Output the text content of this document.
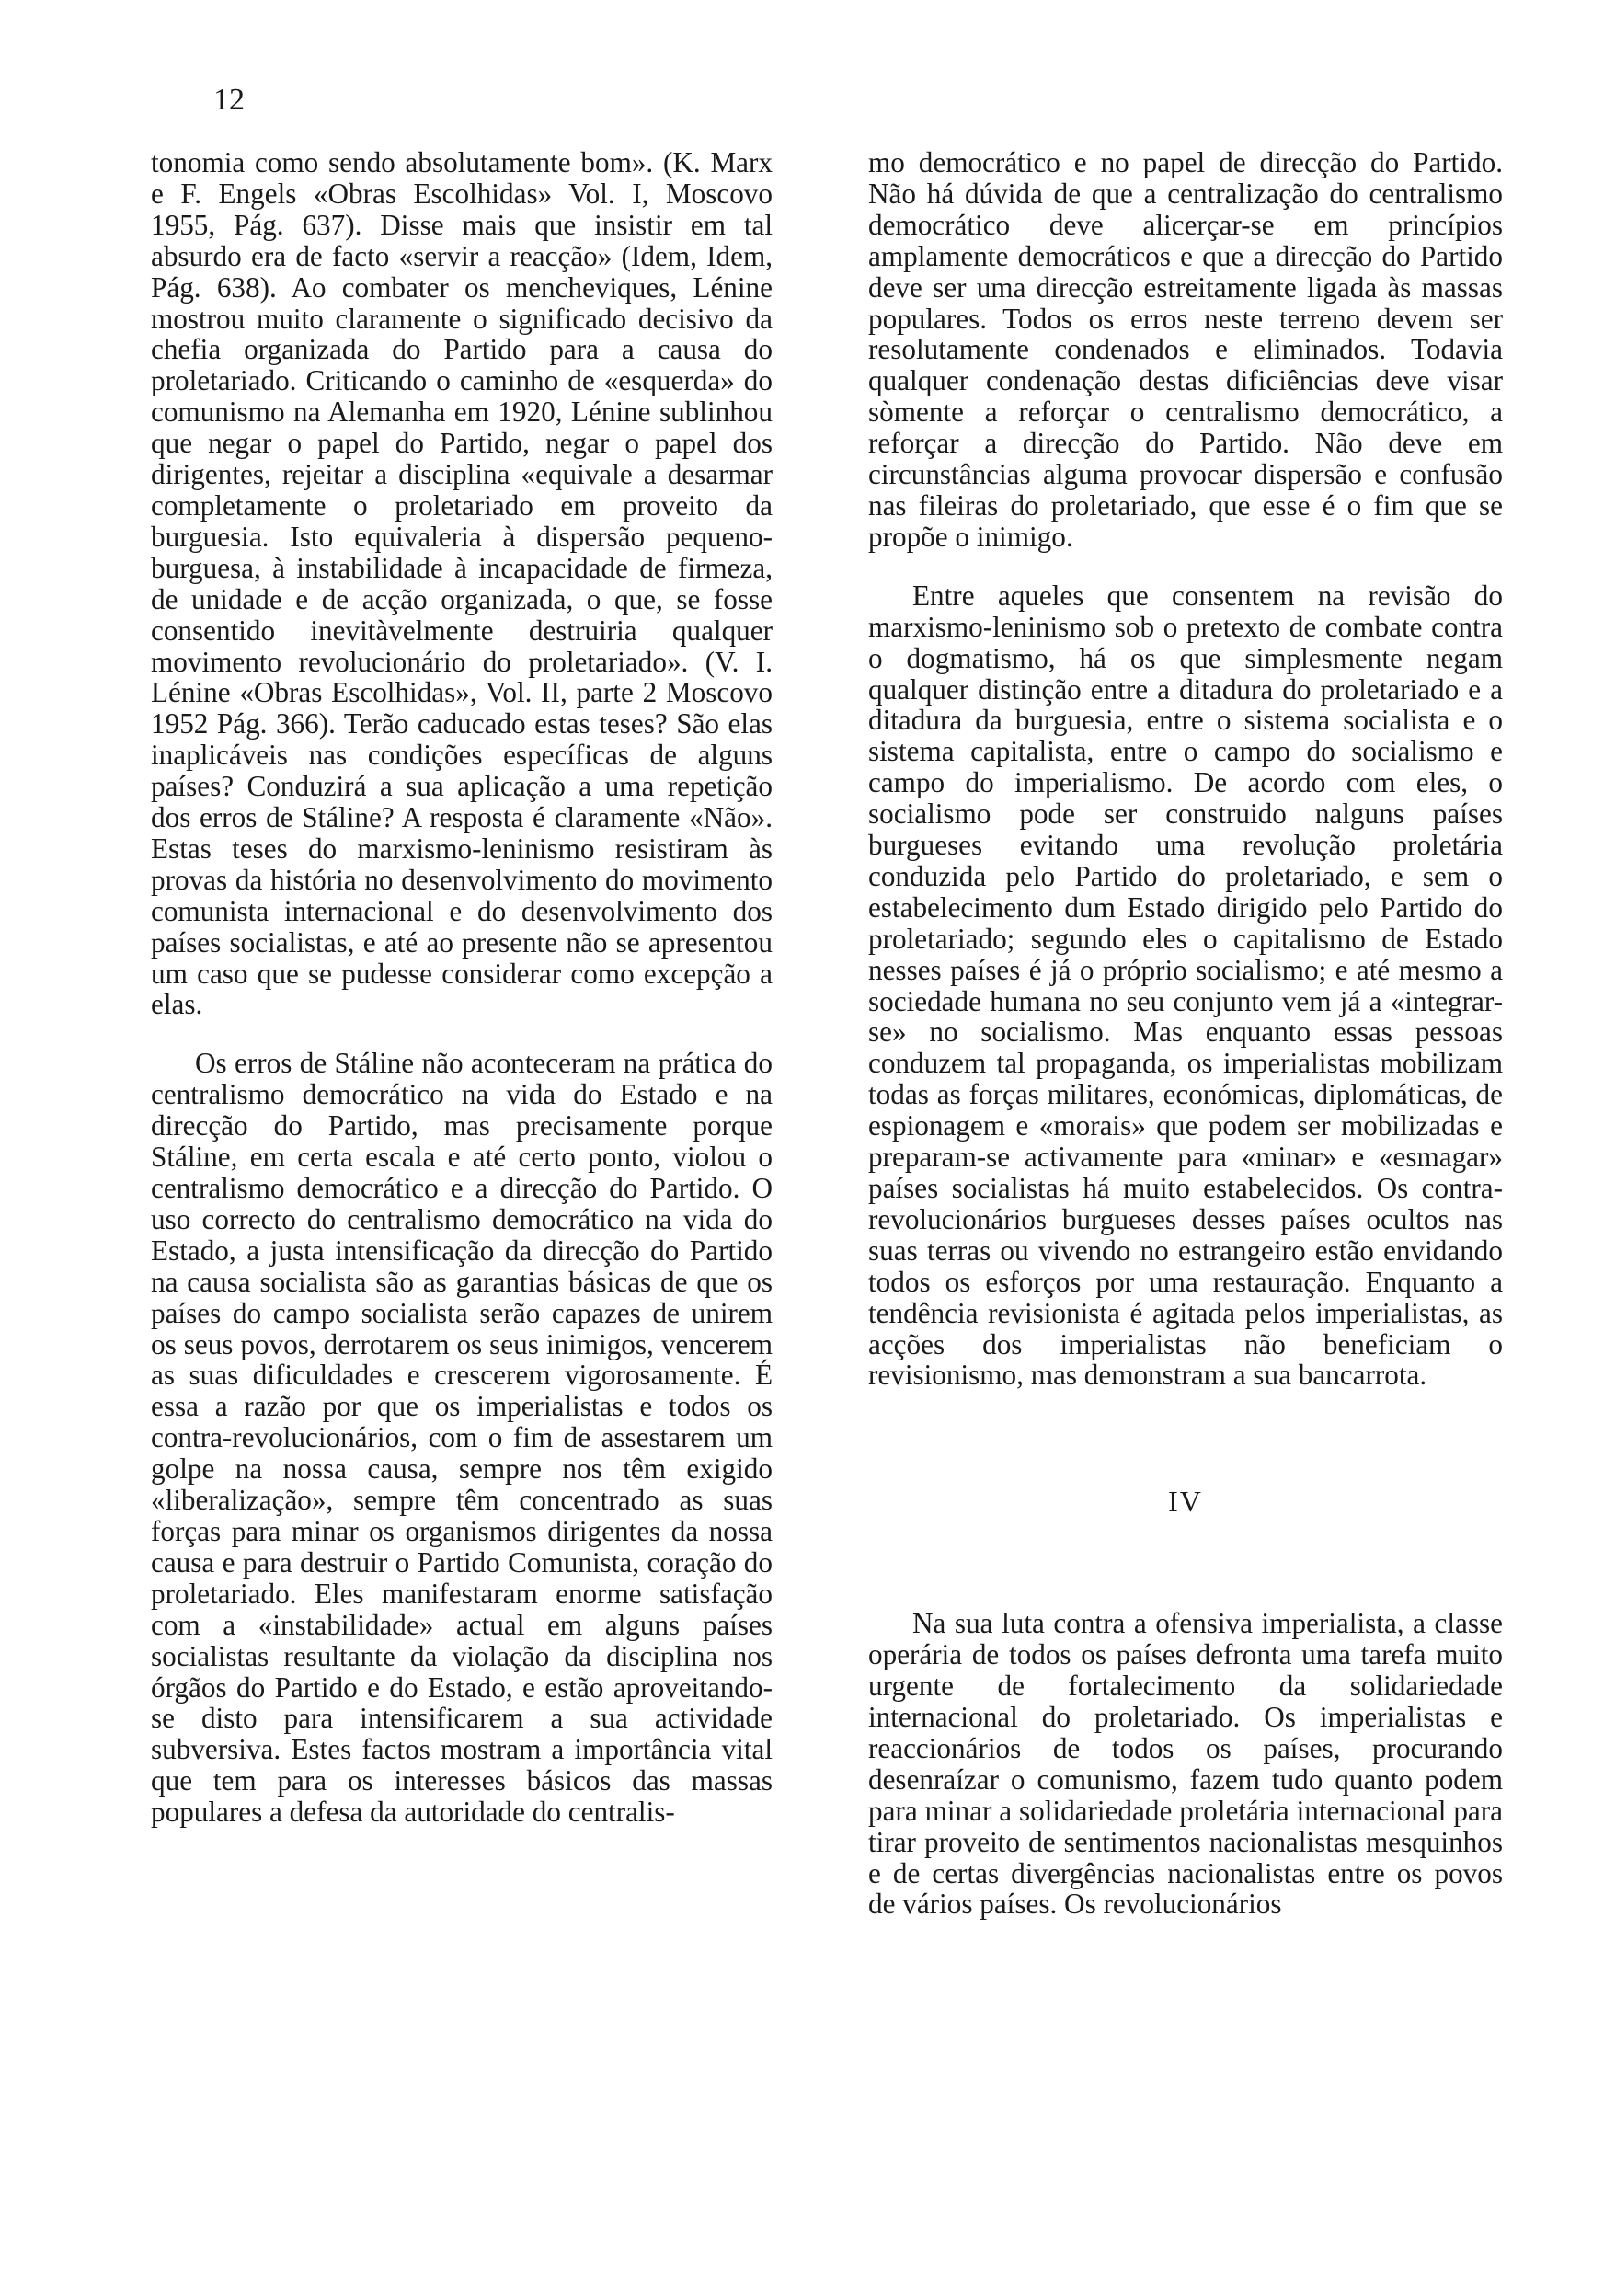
12

tonomia como sendo absolutamente bom». (K. Marx e F. Engels «Obras Escolhidas» Vol. I, Moscovo 1955, Pág. 637). Disse mais que insistir em tal absurdo era de facto «servir a reacção» (Idem, Idem, Pág. 638). Ao combater os mencheviques, Lénine mostrou muito claramente o significado decisivo da chefia organizada do Partido para a causa do proletariado. Criticando o caminho de «esquerda» do comunismo na Alemanha em 1920, Lénine sublinhou que negar o papel do Partido, negar o papel dos dirigentes, rejeitar a disciplina «equivale a desarmar completamente o proletariado em proveito da burguesia. Isto equivaleria à dispersão pequeno-burguesa, à instabilidade à incapacidade de firmeza, de unidade e de acção organizada, o que, se fosse consentido inevitàvelmente destruiria qualquer movimento revolucionário do proletariado». (V. I. Lénine «Obras Escolhidas», Vol. II, parte 2 Moscovo 1952 Pág. 366). Terão caducado estas teses? São elas inaplicáveis nas condições específicas de alguns países? Conduzirá a sua aplicação a uma repetição dos erros de Stáline? A resposta é claramente «Não». Estas teses do marxismo-leninismo resistiram às provas da história no desenvolvimento do movimento comunista internacional e do desenvolvimento dos países socialistas, e até ao presente não se apresentou um caso que se pudesse considerar como excepção a elas.

Os erros de Stáline não aconteceram na prática do centralismo democrático na vida do Estado e na direcção do Partido, mas precisamente porque Stáline, em certa escala e até certo ponto, violou o centralismo democrático e a direcção do Partido. O uso correcto do centralismo democrático na vida do Estado, a justa intensificação da direcção do Partido na causa socialista são as garantias básicas de que os países do campo socialista serão capazes de unirem os seus povos, derrotarem os seus inimigos, vencerem as suas dificuldades e crescerem vigorosamente. É essa a razão por que os imperialistas e todos os contra-revolucionários, com o fim de assestarem um golpe na nossa causa, sempre nos têm exigido «liberalização», sempre têm concentrado as suas forças para minar os organismos dirigentes da nossa causa e para destruir o Partido Comunista, coração do proletariado. Eles manifestaram enorme satisfação com a «instabilidade» actual em alguns países socialistas resultante da violação da disciplina nos órgãos do Partido e do Estado, e estão aproveitando-se disto para intensificarem a sua actividade subversiva. Estes factos mostram a importância vital que tem para os interesses básicos das massas populares a defesa da autoridade do centralis-

mo democrático e no papel de direcção do Partido. Não há dúvida de que a centralização do centralismo democrático deve alicerçar-se em princípios amplamente democráticos e que a direcção do Partido deve ser uma direcção estreitamente ligada às massas populares. Todos os erros neste terreno devem ser resolutamente condenados e eliminados. Todavia qualquer condenação destas dificiências deve visar sòmente a reforçar o centralismo democrático, a reforçar a direcção do Partido. Não deve em circunstâncias alguma provocar dispersão e confusão nas fileiras do proletariado, que esse é o fim que se propõe o inimigo.

Entre aqueles que consentem na revisão do marxismo-leninismo sob o pretexto de combate contra o dogmatismo, há os que simplesmente negam qualquer distinção entre a ditadura do proletariado e a ditadura da burguesia, entre o sistema socialista e o sistema capitalista, entre o campo do socialismo e campo do imperialismo. De acordo com eles, o socialismo pode ser construido nalguns países burgueses evitando uma revolução proletária conduzida pelo Partido do proletariado, e sem o estabelecimento dum Estado dirigido pelo Partido do proletariado; segundo eles o capitalismo de Estado nesses países é já o próprio socialismo; e até mesmo a sociedade humana no seu conjunto vem já a «integrar-se» no socialismo. Mas enquanto essas pessoas conduzem tal propaganda, os imperialistas mobilizam todas as forças militares, económicas, diplomáticas, de espionagem e «morais» que podem ser mobilizadas e preparam-se activamente para «minar» e «esmagar» países socialistas há muito estabelecidos. Os contra-revolucionários burgueses desses países ocultos nas suas terras ou vivendo no estrangeiro estão envidando todos os esforços por uma restauração. Enquanto a tendência revisionista é agitada pelos imperialistas, as acções dos imperialistas não beneficiam o revisionismo, mas demonstram a sua bancarrota.

IV

Na sua luta contra a ofensiva imperialista, a classe operária de todos os países defronta uma tarefa muito urgente de fortalecimento da solidariedade internacional do proletariado. Os imperialistas e reaccionários de todos os países, procurando desenraízar o comunismo, fazem tudo quanto podem para minar a solidariedade proletária internacional para tirar proveito de sentimentos nacionalistas mesquinhos e de certas divergências nacionalistas entre os povos de vários países. Os revolucionários
